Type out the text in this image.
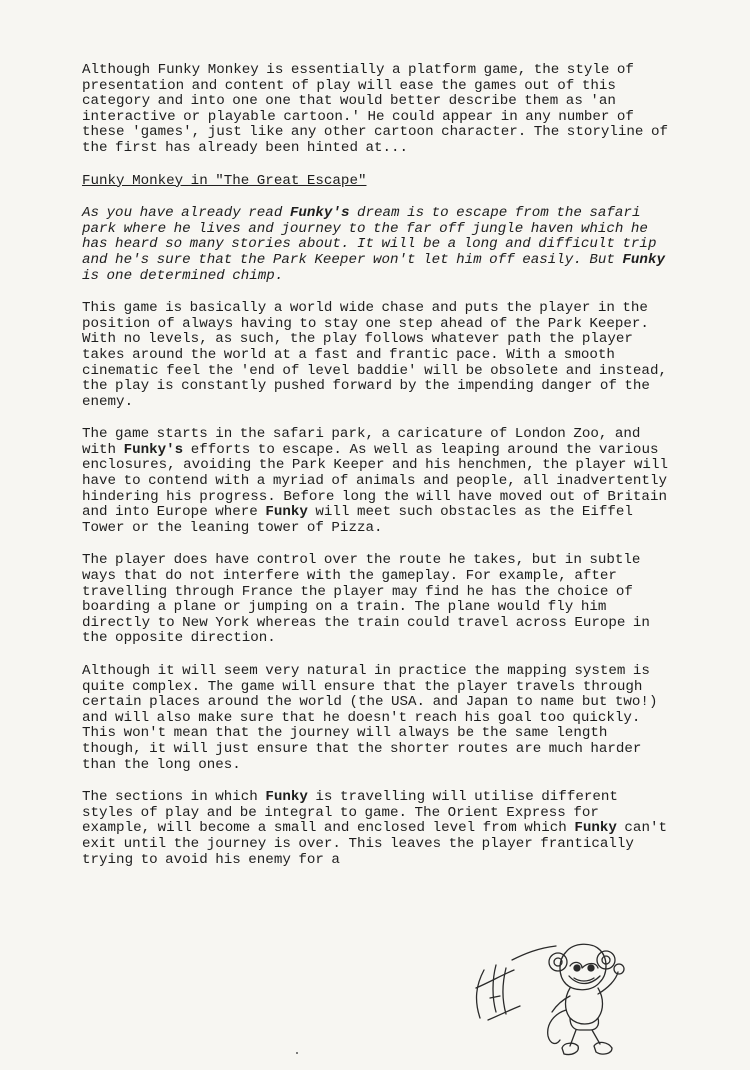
Although Funky Monkey is essentially a platform game, the style of presentation and content of play will ease the games out of this category and into one one that would better describe them as 'an interactive or playable cartoon.' He could appear in any number of these 'games', just like any other cartoon character. The storyline of the first has already been hinted at...

Funky Monkey in "The Great Escape"

As you have already read Funky's dream is to escape from the safari park where he lives and journey to the far off jungle haven which he has heard so many stories about. It will be a long and difficult trip and he's sure that the Park Keeper won't let him off easily. But Funky is one determined chimp.

This game is basically a world wide chase and puts the player in the position of always having to stay one step ahead of the Park Keeper. With no levels, as such, the play follows whatever path the player takes around the world at a fast and frantic pace. With a smooth cinematic feel the 'end of level baddie' will be obsolete and instead, the play is constantly pushed forward by the impending danger of the enemy.

The game starts in the safari park, a caricature of London Zoo, and with Funky's efforts to escape. As well as leaping around the various enclosures, avoiding the Park Keeper and his henchmen, the player will have to contend with a myriad of animals and people, all inadvertently hindering his progress. Before long the will have moved out of Britain and into Europe where Funky will meet such obstacles as the Eiffel Tower or the leaning tower of Pizza.

The player does have control over the route he takes, but in subtle ways that do not interfere with the gameplay. For example, after travelling through France the player may find he has the choice of boarding a plane or jumping on a train. The plane would fly him directly to New York whereas the train could travel across Europe in the opposite direction.

Although it will seem very natural in practice the mapping system is quite complex. The game will ensure that the player travels through certain places around the world (the USA. and Japan to name but two!) and will also make sure that he doesn't reach his goal too quickly. This won't mean that the journey will always be the same length though, it will just ensure that the shorter routes are much harder than the long ones.

The sections in which Funky is travelling will utilise different styles of play and be integral to game. The Orient Express for example, will become a small and enclosed level from which Funky can't exit until the journey is over. This leaves the player frantically trying to avoid his enemy for a
